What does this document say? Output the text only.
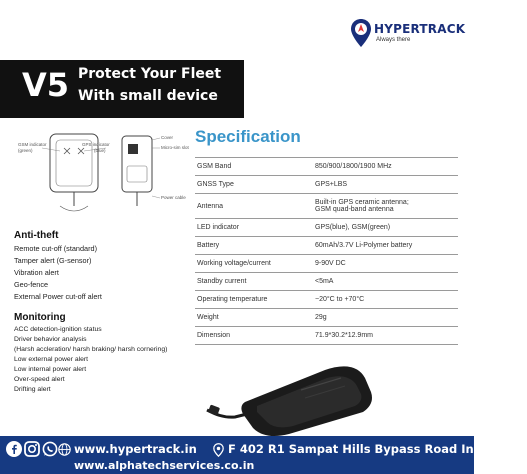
HYPERTRACK
Always there
V5 Protect Your Fleet
With small device
GSM indicator
(green)
GPS indicator
(blue)
Cover
Micro-sim slot
Power cable
Specification
GSM Band	850/900/1800/1900 MHz

GNSS Type	GPS+LBS

Antenna	Built-in GPS ceramic antenna;
GSM quad-band antenna

LED indicator	GPS(blue), GSM(green)

Battery	60mAh/3.7V Li-Polymer battery

Working voltage/current	9-90V DC

Standby current	<5mA

Operating temperature	−20°C to +70°C

Weight	29g

Dimension	71.9*30.2*12.9mm
Anti-theft
Remote cut-off (standard)
Tamper alert (G-sensor)
Vibration alert
Geo-fence
External Power cut-off alert
Monitoring
ACC detection-ignition status
Driver behavior analysis
(Harsh accleration/ harsh braking/ harsh cornering)
Low external power alert
Low internal power alert
Over-speed alert
Drifting alert
www.hypertrack.in	F 402 R1 Sampat Hills Bypass Road Indore MP
www.alphatechservices.co.in
